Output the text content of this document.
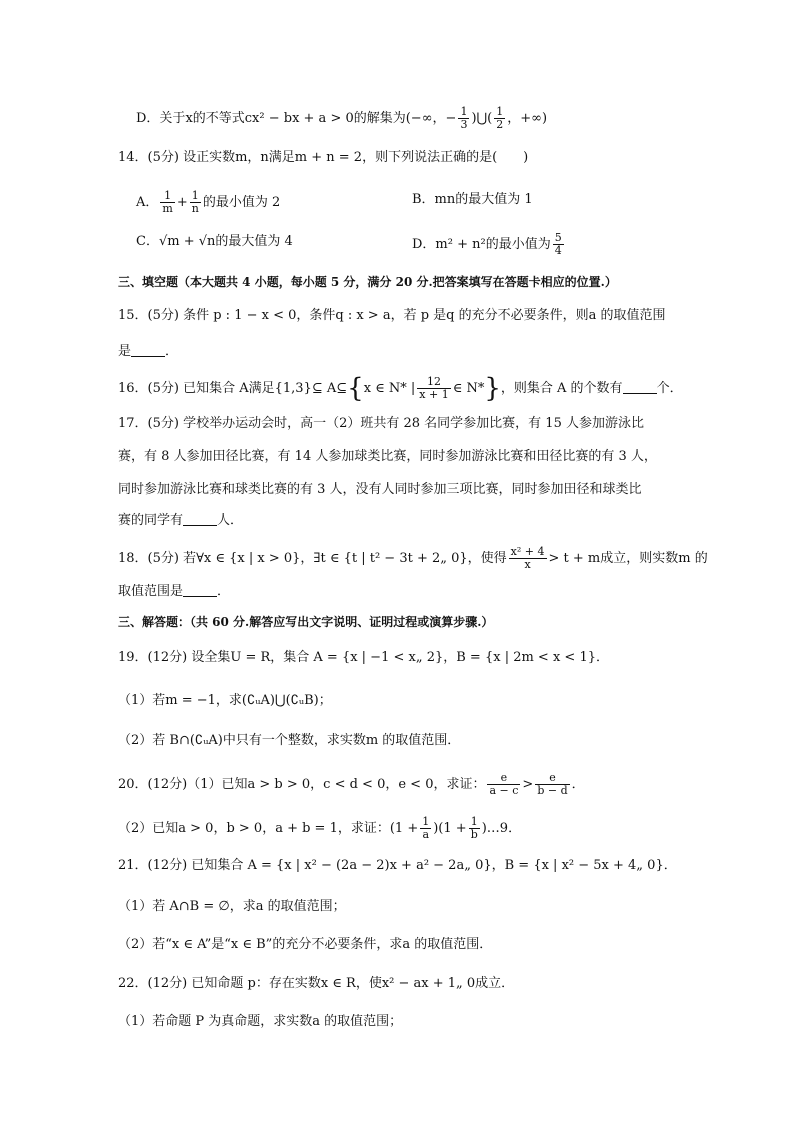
D．关于x的不等式cx² − bx + a > 0的解集为(−∞，− $\frac{1}{3}$ )⋃( $\frac{1}{2}$ ，+∞)
14．(5分) 设正实数m，n满足m + n = 2，则下列说法正确的是(　　)
A． $\frac{1}{m} + \frac{1}{n}$ 的最小值为 2	B．mn的最大值为 1
C．√m + √n的最大值为 4	D．m² + n²的最小值为 $\frac{5}{4}$
三、填空题（本大题共 4 小题，每小题 5 分，满分 20 分.把答案填写在答题卡相应的位置.）
15．(5分) 条件 p : 1 − x < 0，条件q : x > a，若 p 是q 的充分不必要条件，则a 的取值范围
是	．
16．(5分) 已知集合 A满足{1,3}⊆ A⊆{x ∈ N* | $\frac{12}{x + 1}$ ∈ N*}，则集合 A 的个数有	个．
17．(5分) 学校举办运动会时，高一（2）班共有 28 名同学参加比赛，有 15 人参加游泳比
赛，有 8 人参加田径比赛，有 14 人参加球类比赛，同时参加游泳比赛和田径比赛的有 3 人，
同时参加游泳比赛和球类比赛的有 3 人，没有人同时参加三项比赛，同时参加田径和球类比
赛的同学有	人．
18．(5分) 若∀x ∈ {x | x > 0}，∃t ∈ {t | t² − 3t + 2„ 0}，使得 $\frac{\text{x² + 4}}{x} > t + m$成立，则实数m 的
取值范围是	．
三、解答题：（共 60 分.解答应写出文字说明、证明过程或演算步骤.）
19．(12分) 设全集U = R，集合 A = {x | −1 < x„ 2}，B = {x | 2m < x < 1}．
（1）若m = −1，求(∁ᵤA)⋃(∁ᵤB)；
（2）若 B∩(∁ᵤA)中只有一个整数，求实数m 的取值范围．
20．(12分)（1）已知a > b > 0，c < d < 0，e < 0，求证： $\frac{e}{a - c} > \frac{e}{b - d}$ ．
（2）已知a > 0，b > 0，a + b = 1，求证：$(1 + \frac{1}{a} )(1 + \frac{1}{b}$ )…9．
21．(12分) 已知集合 A = {x | x² − (2a − 2)x + a² − 2a„ 0}，B = {x | x² − 5x + 4„ 0}．
（1）若 A∩B = ∅，求a 的取值范围；
（2）若“x ∈ A”是“x ∈ B”的充分不必要条件，求a 的取值范围．
22．(12分) 已知命题 p：存在实数x ∈ R，使x² − ax + 1„ 0成立．
（1）若命题 P 为真命题，求实数a 的取值范围；
